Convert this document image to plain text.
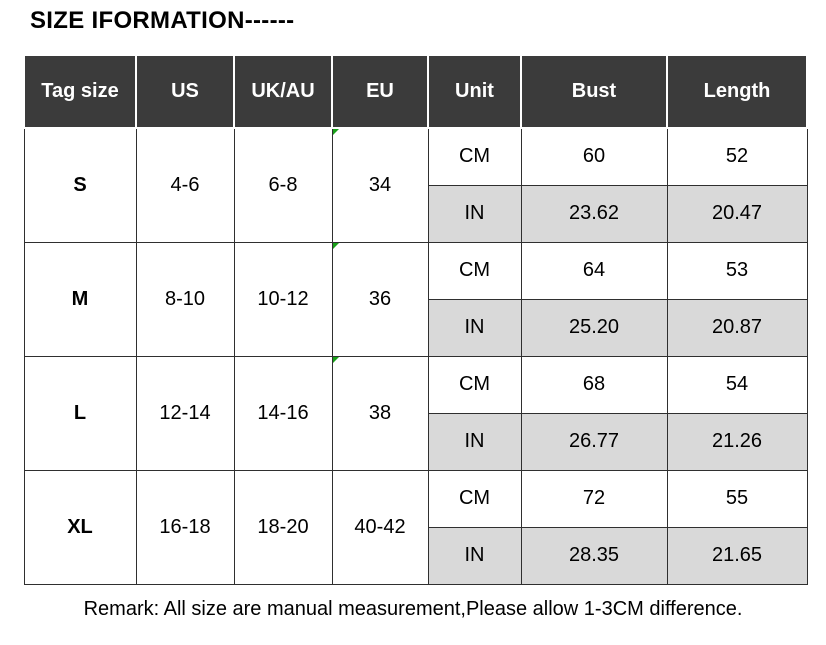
SIZE IFORMATION------
Tag size	US	UK/AU	EU	Unit	Bust	Length
S	4-6	6-8	34	CM	60	52
				IN	23.62	20.47
M	8-10	10-12	36	CM	64	53
				IN	25.20	20.87
L	12-14	14-16	38	CM	68	54
				IN	26.77	21.26
XL	16-18	18-20	40-42	CM	72	55
				IN	28.35	21.65
Remark: All size are manual measurement,Please allow 1-3CM difference.
